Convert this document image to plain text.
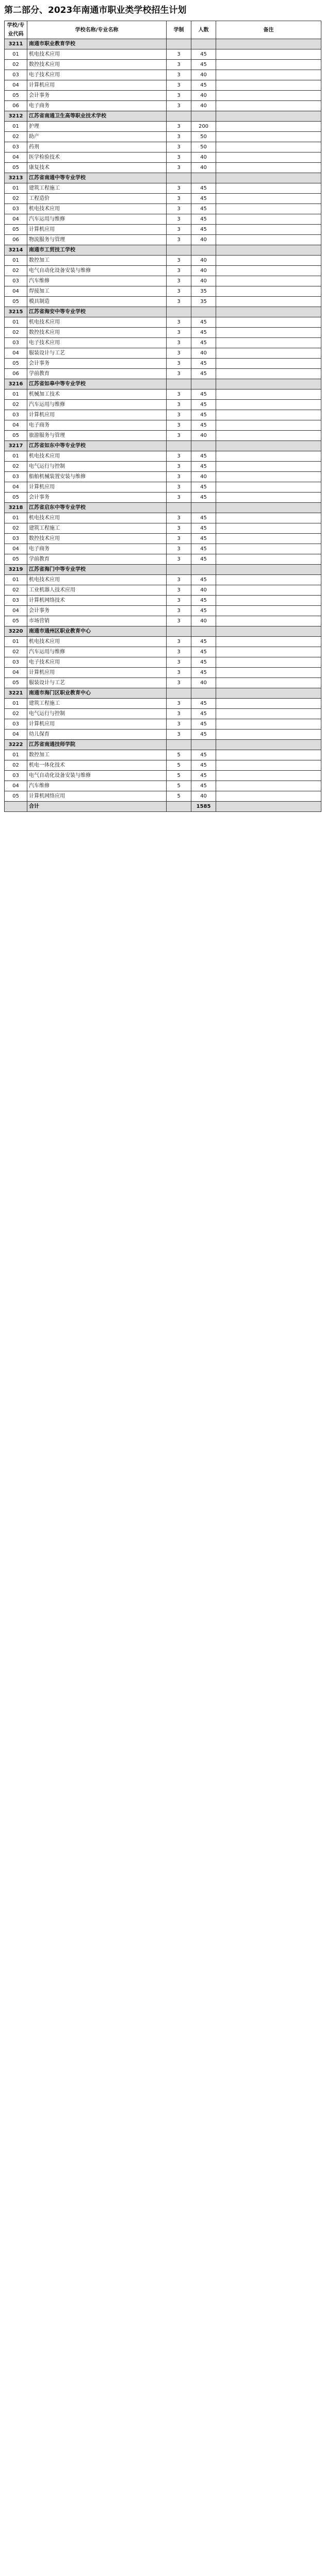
第二部分、2023年南通市职业类学校招生计划
学校/专业代码	学校名称/专业名称	学制	人数	备注
3211	南通市职业教育学校			
01	机电技术应用	3	45	
02	数控技术应用	3	45	
03	电子技术应用	3	40	
04	计算机应用	3	45	
05	会计事务	3	40	
06	电子商务	3	40	
3212	江苏省南通卫生高等职业技术学校			
01	护理	3	200	
02	助产	3	50	
03	药剂	3	50	
04	医学检验技术	3	40	
05	康复技术	3	40	
3213	江苏省南通中等专业学校			
01	建筑工程施工	3	45	
02	工程造价	3	45	
03	机电技术应用	3	45	
04	汽车运用与维修	3	45	
05	计算机应用	3	45	
06	物流服务与管理	3	40	
3214	南通市工贸技工学校			
01	数控加工	3	40	
02	电气自动化设备安装与维修	3	40	
03	汽车维修	3	40	
04	焊接加工	3	35	
05	模具制造	3	35	
3215	江苏省海安中等专业学校			
01	机电技术应用	3	45	
02	数控技术应用	3	45	
03	电子技术应用	3	45	
04	服装设计与工艺	3	40	
05	会计事务	3	45	
06	学前教育	3	45	
3216	江苏省如皋中等专业学校			
01	机械加工技术	3	45	
02	汽车运用与维修	3	45	
03	计算机应用	3	45	
04	电子商务	3	45	
05	旅游服务与管理	3	40	
3217	江苏省如东中等专业学校			
01	机电技术应用	3	45	
02	电气运行与控制	3	45	
03	船舶机械装置安装与维修	3	40	
04	计算机应用	3	45	
05	会计事务	3	45	
3218	江苏省启东中等专业学校			
01	机电技术应用	3	45	
02	建筑工程施工	3	45	
03	数控技术应用	3	45	
04	电子商务	3	45	
05	学前教育	3	45	
3219	江苏省海门中等专业学校			
01	机电技术应用	3	45	
02	工业机器人技术应用	3	40	
03	计算机网络技术	3	45	
04	会计事务	3	45	
05	市场营销	3	40	
3220	南通市通州区职业教育中心			
01	机电技术应用	3	45	
02	汽车运用与维修	3	45	
03	电子技术应用	3	45	
04	计算机应用	3	45	
05	服装设计与工艺	3	40	
3221	南通市海门区职业教育中心			
01	建筑工程施工	3	45	
02	电气运行与控制	3	45	
03	计算机应用	3	45	
04	幼儿保育	3	45	
3222	江苏省南通技师学院			
01	数控加工	5	45	
02	机电一体化技术	5	45	
03	电气自动化设备安装与维修	5	45	
04	汽车维修	5	45	
05	计算机网络应用	5	40	
	合计		1585	
